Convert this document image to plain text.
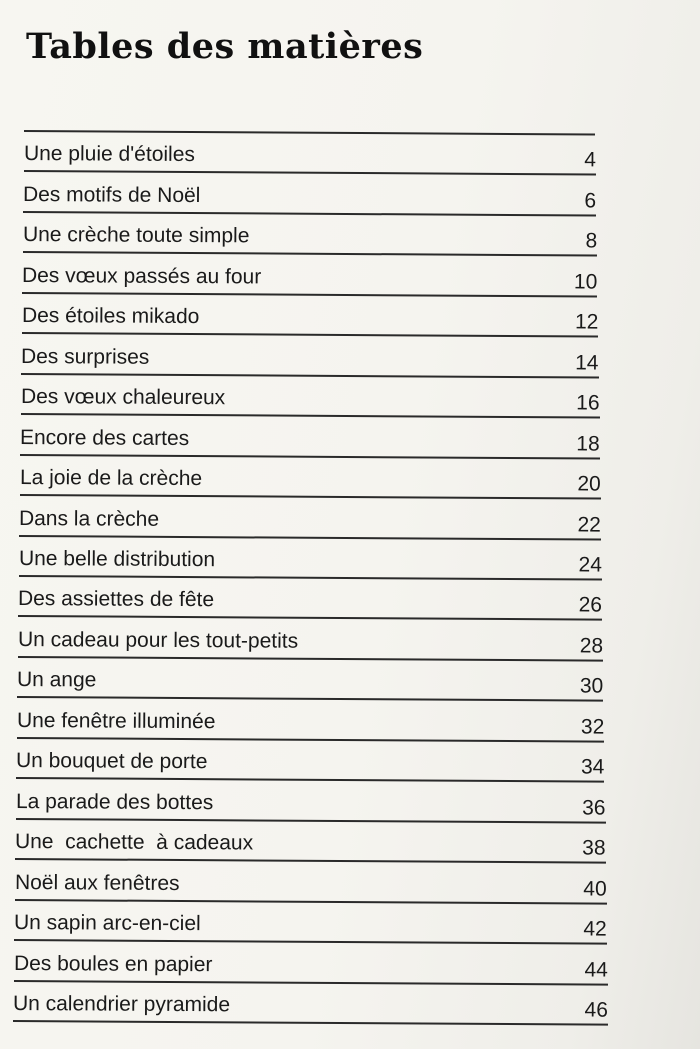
Tables des matières
Une pluie d'étoiles	4
Des motifs de Noël	6
Une crèche toute simple	8
Des vœux passés au four	10
Des étoiles mikado	12
Des surprises	14
Des vœux chaleureux	16
Encore des cartes	18
La joie de la crèche	20
Dans la crèche	22
Une belle distribution	24
Des assiettes de fête	26
Un cadeau pour les tout-petits	28
Un ange	30
Une fenêtre illuminée	32
Un bouquet de porte	34
La parade des bottes	36
Une  cachette  à cadeaux	38
Noël aux fenêtres	40
Un sapin arc-en-ciel	42
Des boules en papier	44
Un calendrier pyramide	46
